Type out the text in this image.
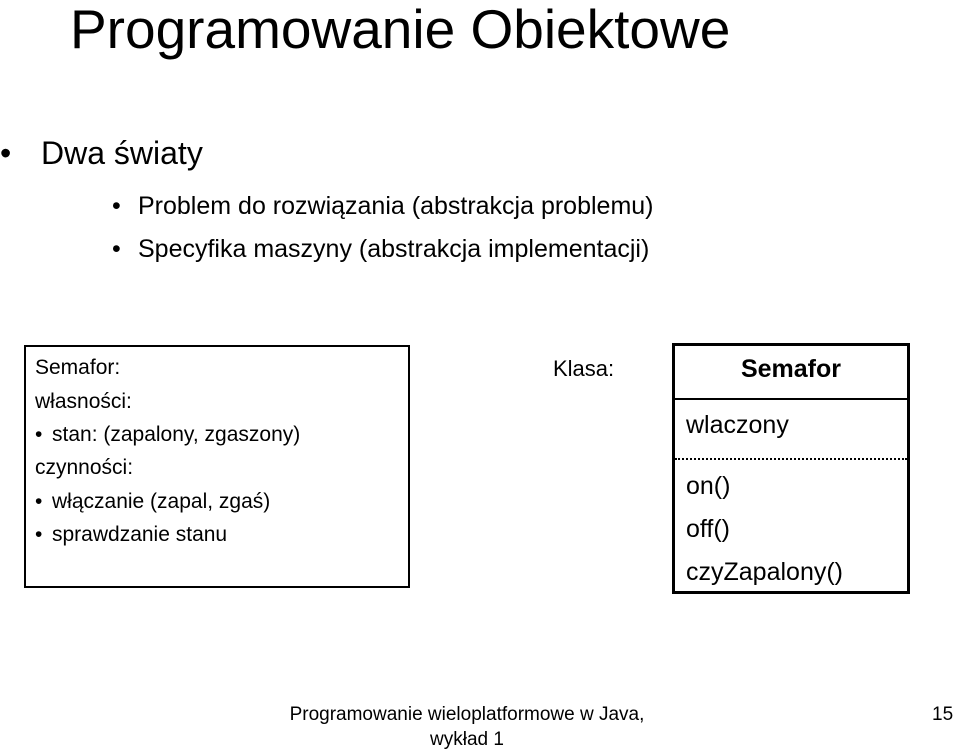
Programowanie Obiektowe
• Dwa światy
• Problem do rozwiązania (abstrakcja problemu)
• Specyfika maszyny (abstrakcja implementacji)
Semafor:
własności:
• stan: (zapalony, zgaszony)
czynności:
• włączanie (zapal, zgaś)
• sprawdzanie stanu
Klasa:	Semafor
wlaczony
on()
off()
czyZapalony()
Programowanie wieloplatformowe w Java,
wykład 1
15
